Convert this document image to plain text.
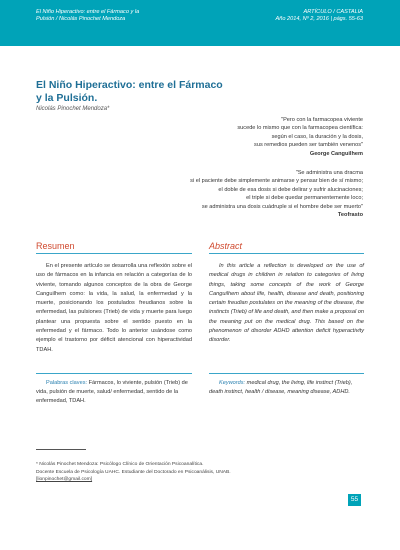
El Niño Hiperactivo: entre el Fármaco y la
Pulsión / Nicolás Pinochet Mendoza
ARTÍCULO / CASTALIA
Año 2014, Nº 2, 2016 | págs. 55-63
El Niño Hiperactivo: entre el Fármaco
y la Pulsión.
Nicolás Pinochet Mendoza*
"Pero con la farmacopea viviente
sucede lo mismo que con la farmacopea científica:
según el caso, la duración y la dosis,
sus remedios pueden ser también venenos"
George Canguilhem
"Se administra una dracma
si el paciente debe simplemente animarse y pensar bien de sí mismo;
el doble de esa dosis si debe delirar y sufrir alucinaciones;
el triple si debe quedar permanentemente loco;
se administra una dosis cuádruple si el hombre debe ser muerto"
Teofrasto
Resumen	Abstract

En el presente artículo se desarrolla una reflexión sobre el uso de fármacos en la infancia en relación a categorías de lo viviente, tomando algunos conceptos de la obra de George Canguilhem como: la vida, la salud, la enfermedad y la muerte, posicionando los postulados freudianos sobre la enfermedad, las pulsiones (Trieb) de vida y muerte para luego plantear una propuesta sobre el sentido puesto en la enfermedad y el fármaco. Todo lo anterior usándose como ejemplo el trastorno por déficit atencional con hiperactividad TDAH.

In this article a reflection is developed on the use of medical drugs in children in relation to categories of living things, taking some concepts of the work of George Canguilhem about life, health, disease and death, positioning certain freudian postulates on the meaning of the disease, the instincts (Trieb) of life and death, and then make a proposal on the meaning put on the medical drug. This based on the phenomenon of disorder ADHD attention deficit hyperactivity disorder.

Palabras claves: Fármacos, lo viviente, pulsión (Trieb) de vida, pulsión de muerte, salud/ enfermedad, sentido de la enfermedad, TDAH.

Keywords: medical drug, the living, life instinct (Trieb), death instinct, health / disease, meaning disease, ADHD.

* Nicolás Pinochet Mendoza: Psicólogo Clínico de Orientación Psicoanalítica.
Docente Escuela de Psicología UAHC. Estudiante del Doctorado en Psicoanálisis, UNAB.
[lionpinochet@gmail.com]

55
